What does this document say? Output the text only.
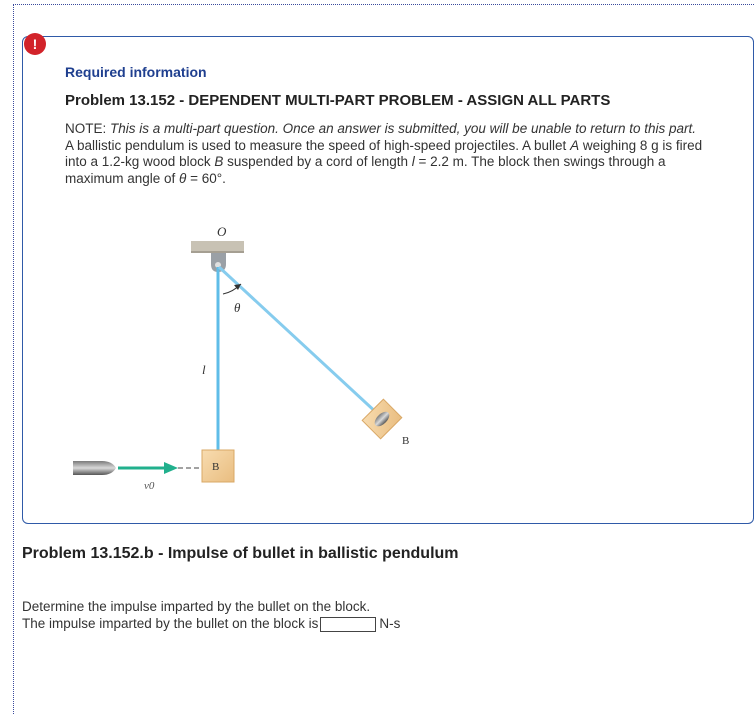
Required information
Problem 13.152 - DEPENDENT MULTI-PART PROBLEM - ASSIGN ALL PARTS

NOTE: This is a multi-part question. Once an answer is submitted, you will be unable to return to this part.

A ballistic pendulum is used to measure the speed of high-speed projectiles. A bullet A weighing 8 g is fired into a 1.2-kg wood block B suspended by a cord of length l = 2.2 m. The block then swings through a maximum angle of θ = 60°.

O
θ
l
B
B
v0
!
Problem 13.152.b - Impulse of bullet in ballistic pendulum

Determine the impulse imparted by the bullet on the block.

The impulse imparted by the bullet on the block is	N-s
